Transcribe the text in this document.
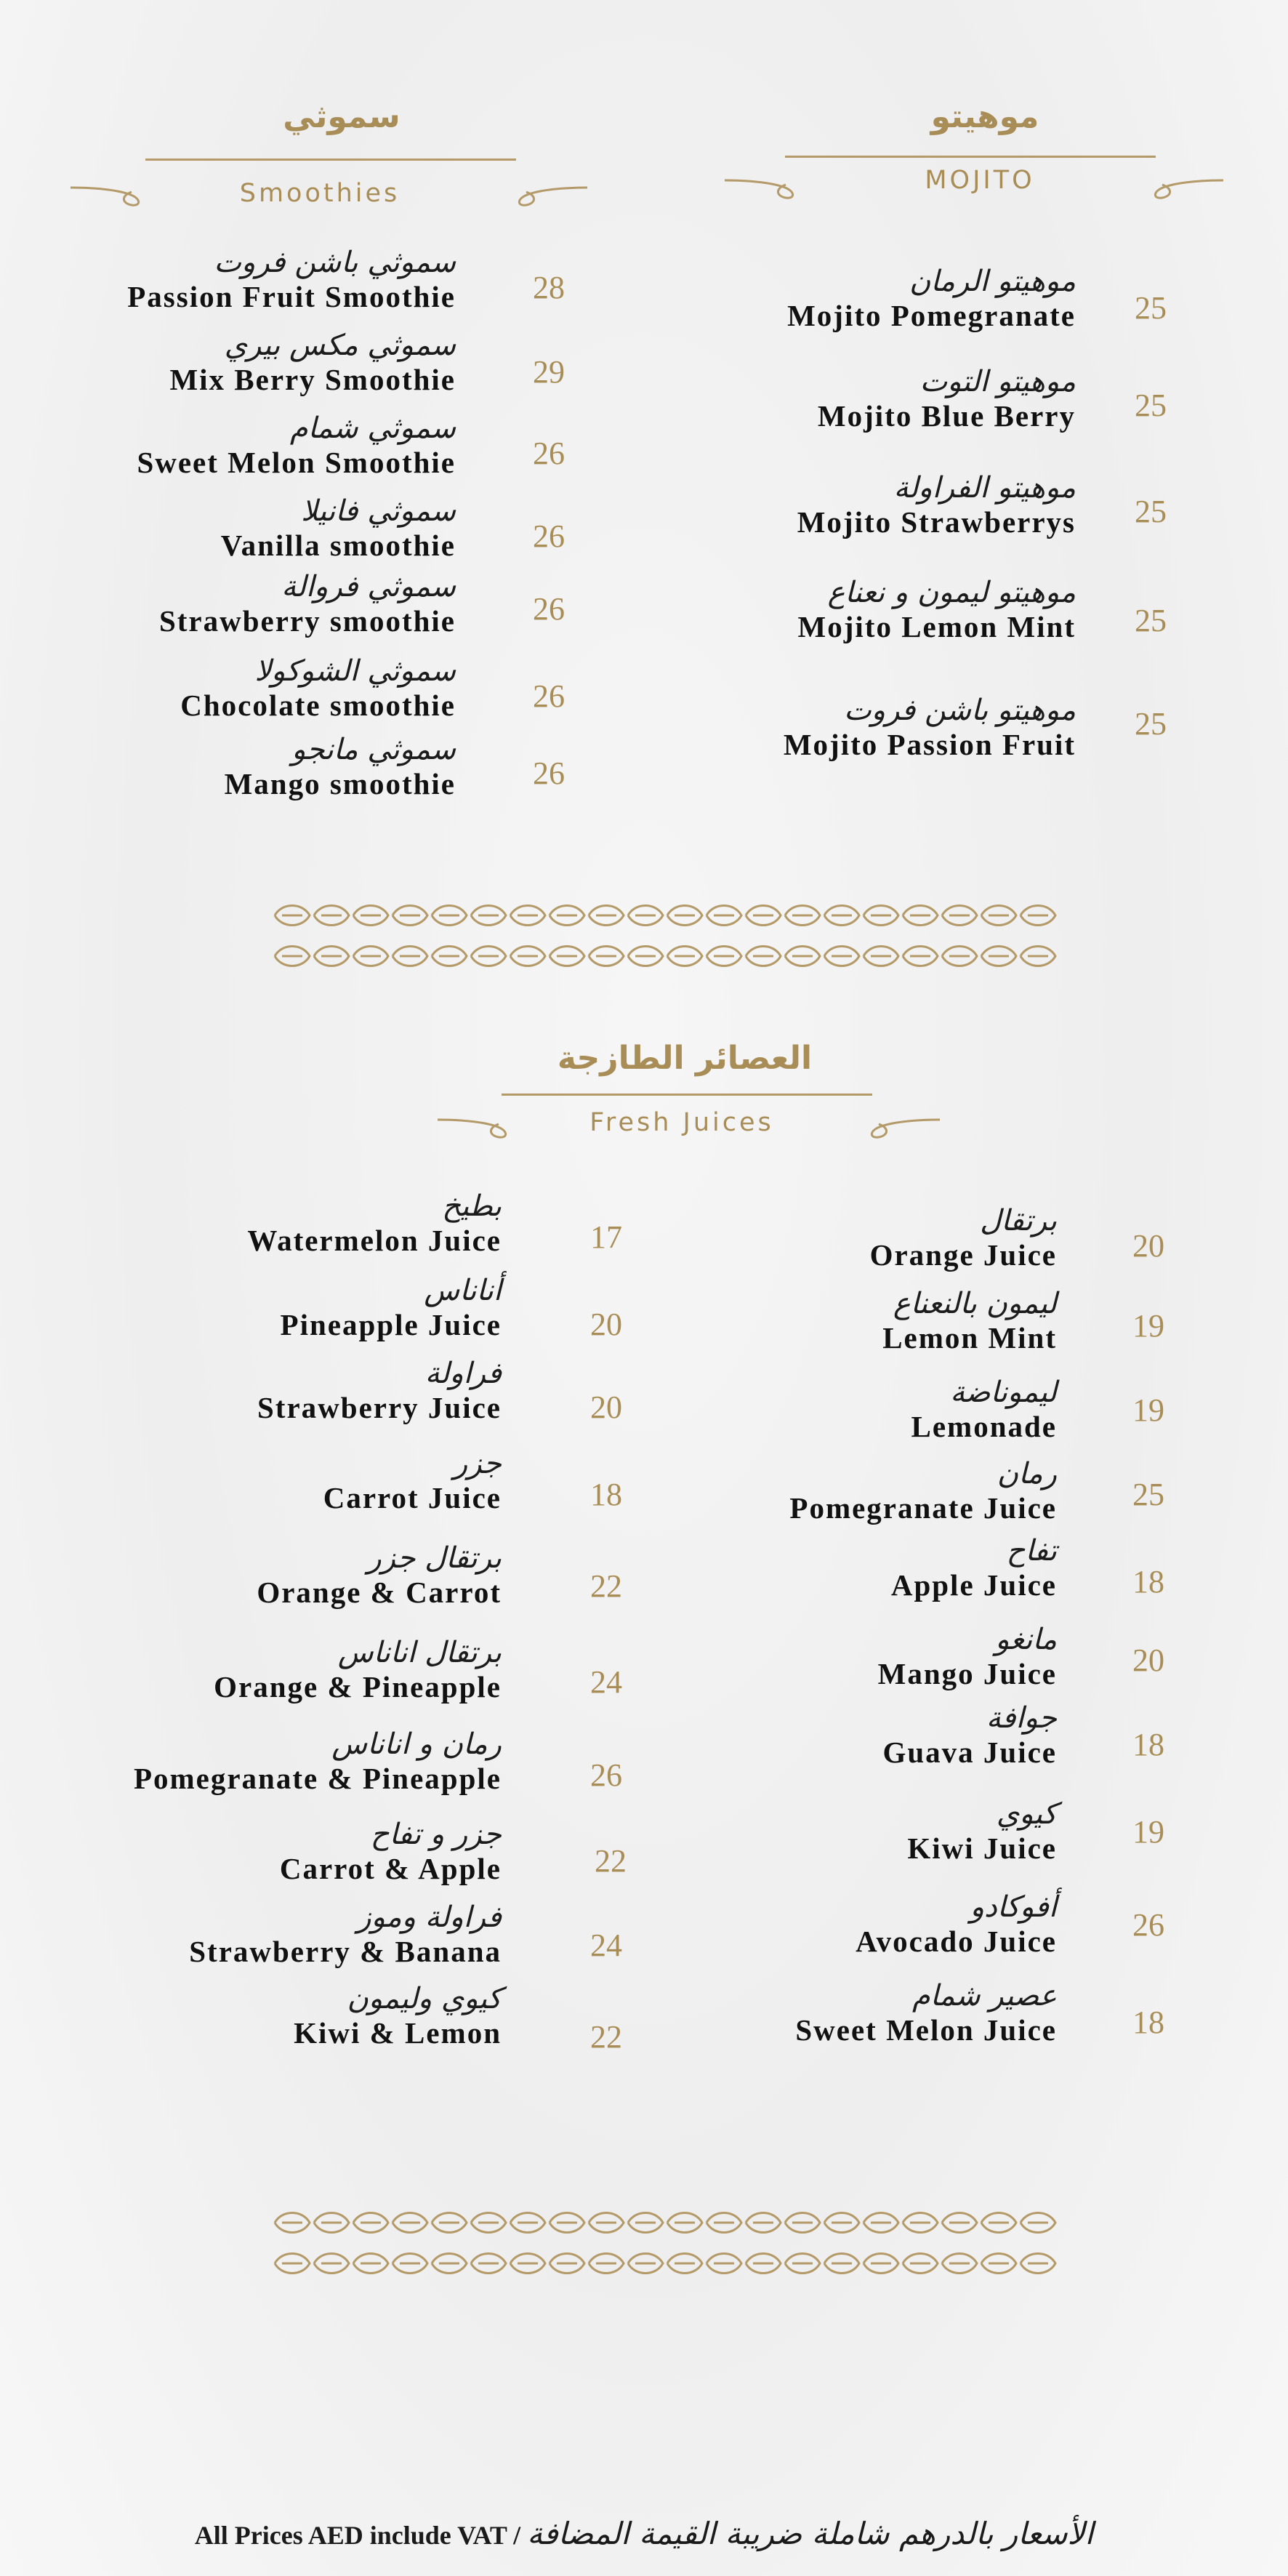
سموثي
Smoothies
موهيتو
MOJITO
سموثي باشن فروت
Passion Fruit Smoothie 28
سموثي مكس بيري
Mix Berry Smoothie 29
سموثي شمام
Sweet Melon Smoothie 26
سموثي فانيلا
Vanilla smoothie 26
سموثي فروالة
Strawberry smoothie 26
سموثي الشوكولا
Chocolate smoothie 26
سموثي مانجو
Mango smoothie 26
موهيتو الرمان
Mojito Pomegranate 25
موهيتو التوت
Mojito Blue Berry 25
موهيتو الفراولة
Mojito Strawberrys 25
موهيتو ليمون و نعناع
Mojito Lemon Mint 25
موهيتو باشن فروت
Mojito Passion Fruit
25
العصائر الطازجة
Fresh Juices
بطيخ
Watermelon Juice	17
أناناس
Pineapple Juice	20
فراولة
Strawberry Juice	20
جزر
Carrot Juice	18
برتقال جزر
Orange & Carrot	22
برتقال اناناس
Orange & Pineapple	24
رمان و اناناس
Pomegranate & Pineapple	26
جزر و تفاح
Carrot & Apple	22
فراولة وموز
Strawberry & Banana	24
كيوي وليمون
Kiwi & Lemon	22
برتقال
Orange Juice 20
ليمون بالنعناع
Lemon Mint 19
ليموناضة
Lemonade 19
رمان
Pomegranate Juice 25
تفاح
Apple Juice 18
مانغو
Mango Juice 20
جوافة
Guava Juice 18
كيوي
Kiwi Juice 19
أفوكادو
Avocado Juice 26
عصير شمام
Sweet Melon Juice 18
All Prices AED include VAT / الأسعار بالدرهم شاملة ضريبة القيمة المضافة
